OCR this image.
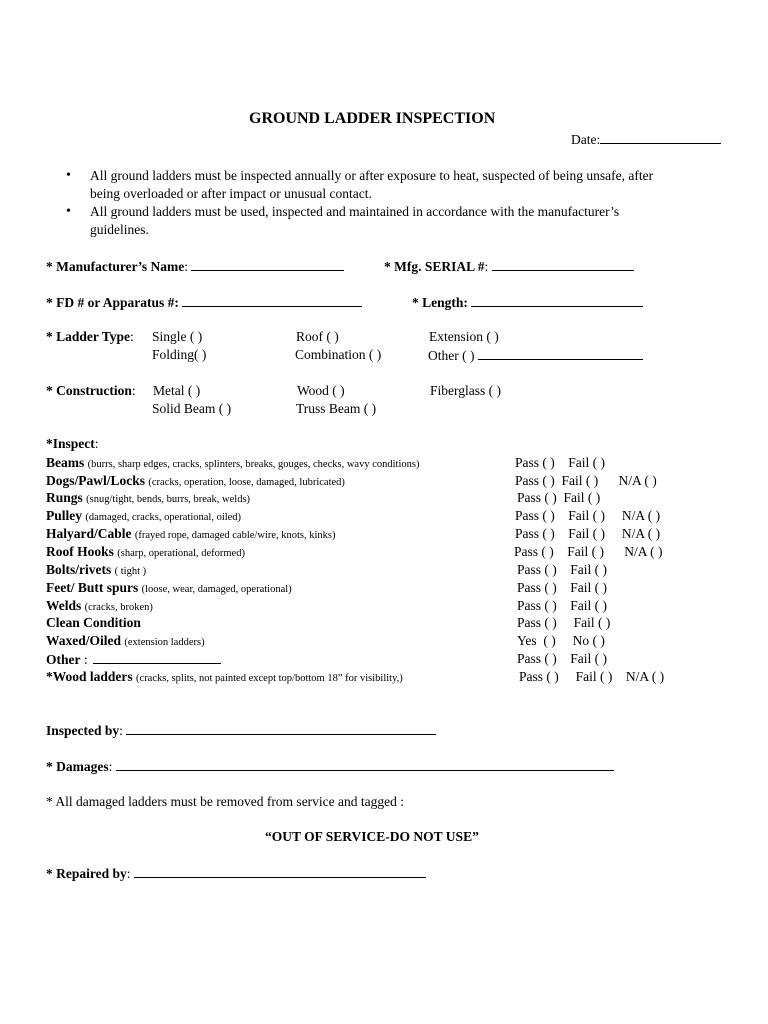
GROUND LADDER INSPECTION
Date:
• All ground ladders must be inspected annually or after exposure to heat, suspected of being unsafe, after
being overloaded or after impact or unusual contact.
• All ground ladders must be used, inspected and maintained in accordance with the manufacturer’s
guidelines.
* Manufacturer’s Name:	* Mfg. SERIAL #:
* FD # or Apparatus #:	* Length:
* Ladder Type: Single ( )	Roof ( )	Extension ( )
Folding( )	Combination ( )	Other ( )
* Construction: Metal ( )	Wood ( )	Fiberglass ( )
Solid Beam ( )	Truss Beam ( )
*Inspect:
Beams (burrs, sharp edges, cracks, splinters, breaks, gouges, checks, wavy conditions)	Pass ( )    Fail ( )
Dogs/Pawl/Locks (cracks, operation, loose, damaged, lubricated)	Pass ( )  Fail ( )      N/A ( )
Rungs (snug/tight, bends, burrs, break, welds)	Pass ( )  Fail ( )
Pulley (damaged, cracks, operational, oiled)	Pass ( )    Fail ( )     N/A ( )
Halyard/Cable (frayed rope, damaged cable/wire, knots, kinks)	Pass ( )    Fail ( )     N/A ( )
Roof Hooks (sharp, operational, deformed)	Pass ( )    Fail ( )      N/A ( )
Bolts/rivets ( tight )	Pass ( )    Fail ( )
Feet/ Butt spurs (loose, wear, damaged, operational)	Pass ( )    Fail ( )
Welds (cracks, broken)	Pass ( )    Fail ( )
Clean Condition	Pass ( )     Fail ( )
Waxed/Oiled (extension ladders)	Yes  ( )     No ( )
Other :	Pass ( )    Fail ( )
*Wood ladders (cracks, splits, not painted except top/bottom 18” for visibility,)	Pass ( )     Fail ( )    N/A ( )
Inspected by:
* Damages:
* All damaged ladders must be removed from service and tagged :
“OUT OF SERVICE-DO NOT USE”
* Repaired by:
